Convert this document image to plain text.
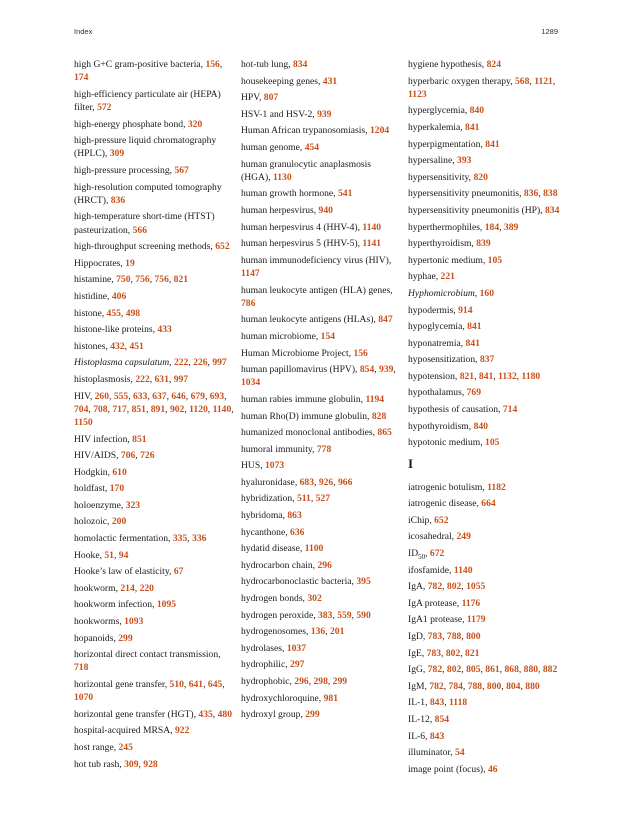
Index	1289
high G+C gram-positive bacteria, 156, 174
high-efficiency particulate air (HEPA) filter, 572
high-energy phosphate bond, 320
high-pressure liquid chromatography (HPLC), 309
high-pressure processing, 567
high-resolution computed tomography (HRCT), 836
high-temperature short-time (HTST) pasteurization, 566
high-throughput screening methods, 652
Hippocrates, 19
histamine, 750, 756, 756, 821
histidine, 406
histone, 455, 498
histone-like proteins, 433
histones, 432, 451
Histoplasma capsulatum, 222, 226, 997
histoplasmosis, 222, 631, 997
HIV, 260, 555, 633, 637, 646, 679, 693, 704, 708, 717, 851, 891, 902, 1120, 1140, 1150
HIV infection, 851
HIV/AIDS, 706, 726
Hodgkin, 610
holdfast, 170
holoenzyme, 323
holozoic, 200
homolactic fermentation, 335, 336
Hooke, 51, 94
Hooke’s law of elasticity, 67
hookworm, 214, 220
hookworm infection, 1095
hookworms, 1093
hopanoids, 299
horizontal direct contact transmission, 718
horizontal gene transfer, 510, 641, 645, 1070
horizontal gene transfer (HGT), 435, 480
hospital-acquired MRSA, 922
host range, 245
hot tub rash, 309, 928
hot-tub lung, 834
housekeeping genes, 431
HPV, 807
HSV-1 and HSV-2, 939
Human African trypanosomiasis, 1204
human genome, 454
human granulocytic anaplasmosis (HGA), 1130
human growth hormone, 541
human herpesvirus, 940
human herpesvirus 4 (HHV-4), 1140
human herpesvirus 5 (HHV-5), 1141
human immunodeficiency virus (HIV), 1147
human leukocyte antigen (HLA) genes, 786
human leukocyte antigens (HLAs), 847
human microbiome, 154
Human Microbiome Project, 156
human papillomavirus (HPV), 854, 939, 1034
human rabies immune globulin, 1194
human Rho(D) immune globulin, 828
humanized monoclonal antibodies, 865
humoral immunity, 778
HUS, 1073
hyaluronidase, 683, 926, 966
hybridization, 511, 527
hybridoma, 863
hycanthone, 636
hydatid disease, 1100
hydrocarbon chain, 296
hydrocarbonoclastic bacteria, 395
hydrogen bonds, 302
hydrogen peroxide, 383, 559, 590
hydrogenosomes, 136, 201
hydrolases, 1037
hydrophilic, 297
hydrophobic, 296, 298, 299
hydroxychloroquine, 981
hydroxyl group, 299
hygiene hypothesis, 824
hyperbaric oxygen therapy, 568, 1121, 1123
hyperglycemia, 840
hyperkalemia, 841
hyperpigmentation, 841
hypersaline, 393
hypersensitivity, 820
hypersensitivity pneumonitis, 836, 838
hypersensitivity pneumonitis (HP), 834
hyperthermophiles, 184, 389
hyperthyroidism, 839
hypertonic medium, 105
hyphae, 221
Hyphomicrobium, 160
hypodermis, 914
hypoglycemia, 841
hyponatremia, 841
hyposensitization, 837
hypotension, 821, 841, 1132, 1180
hypothalamus, 769
hypothesis of causation, 714
hypothyroidism, 840
hypotonic medium, 105
I
iatrogenic botulism, 1182
iatrogenic disease, 664
iChip, 652
icosahedral, 249
$ID_{50}$, 672
ifosfamide, 1140
IgA, 782, 802, 1055
IgA protease, 1176
IgA1 protease, 1179
IgD, 783, 788, 800
IgE, 783, 802, 821
IgG, 782, 802, 805, 861, 868, 880, 882
IgM, 782, 784, 788, 800, 804, 880
IL-1, 843, 1118
IL-12, 854
IL-6, 843
illuminator, 54
image point (focus), 46
